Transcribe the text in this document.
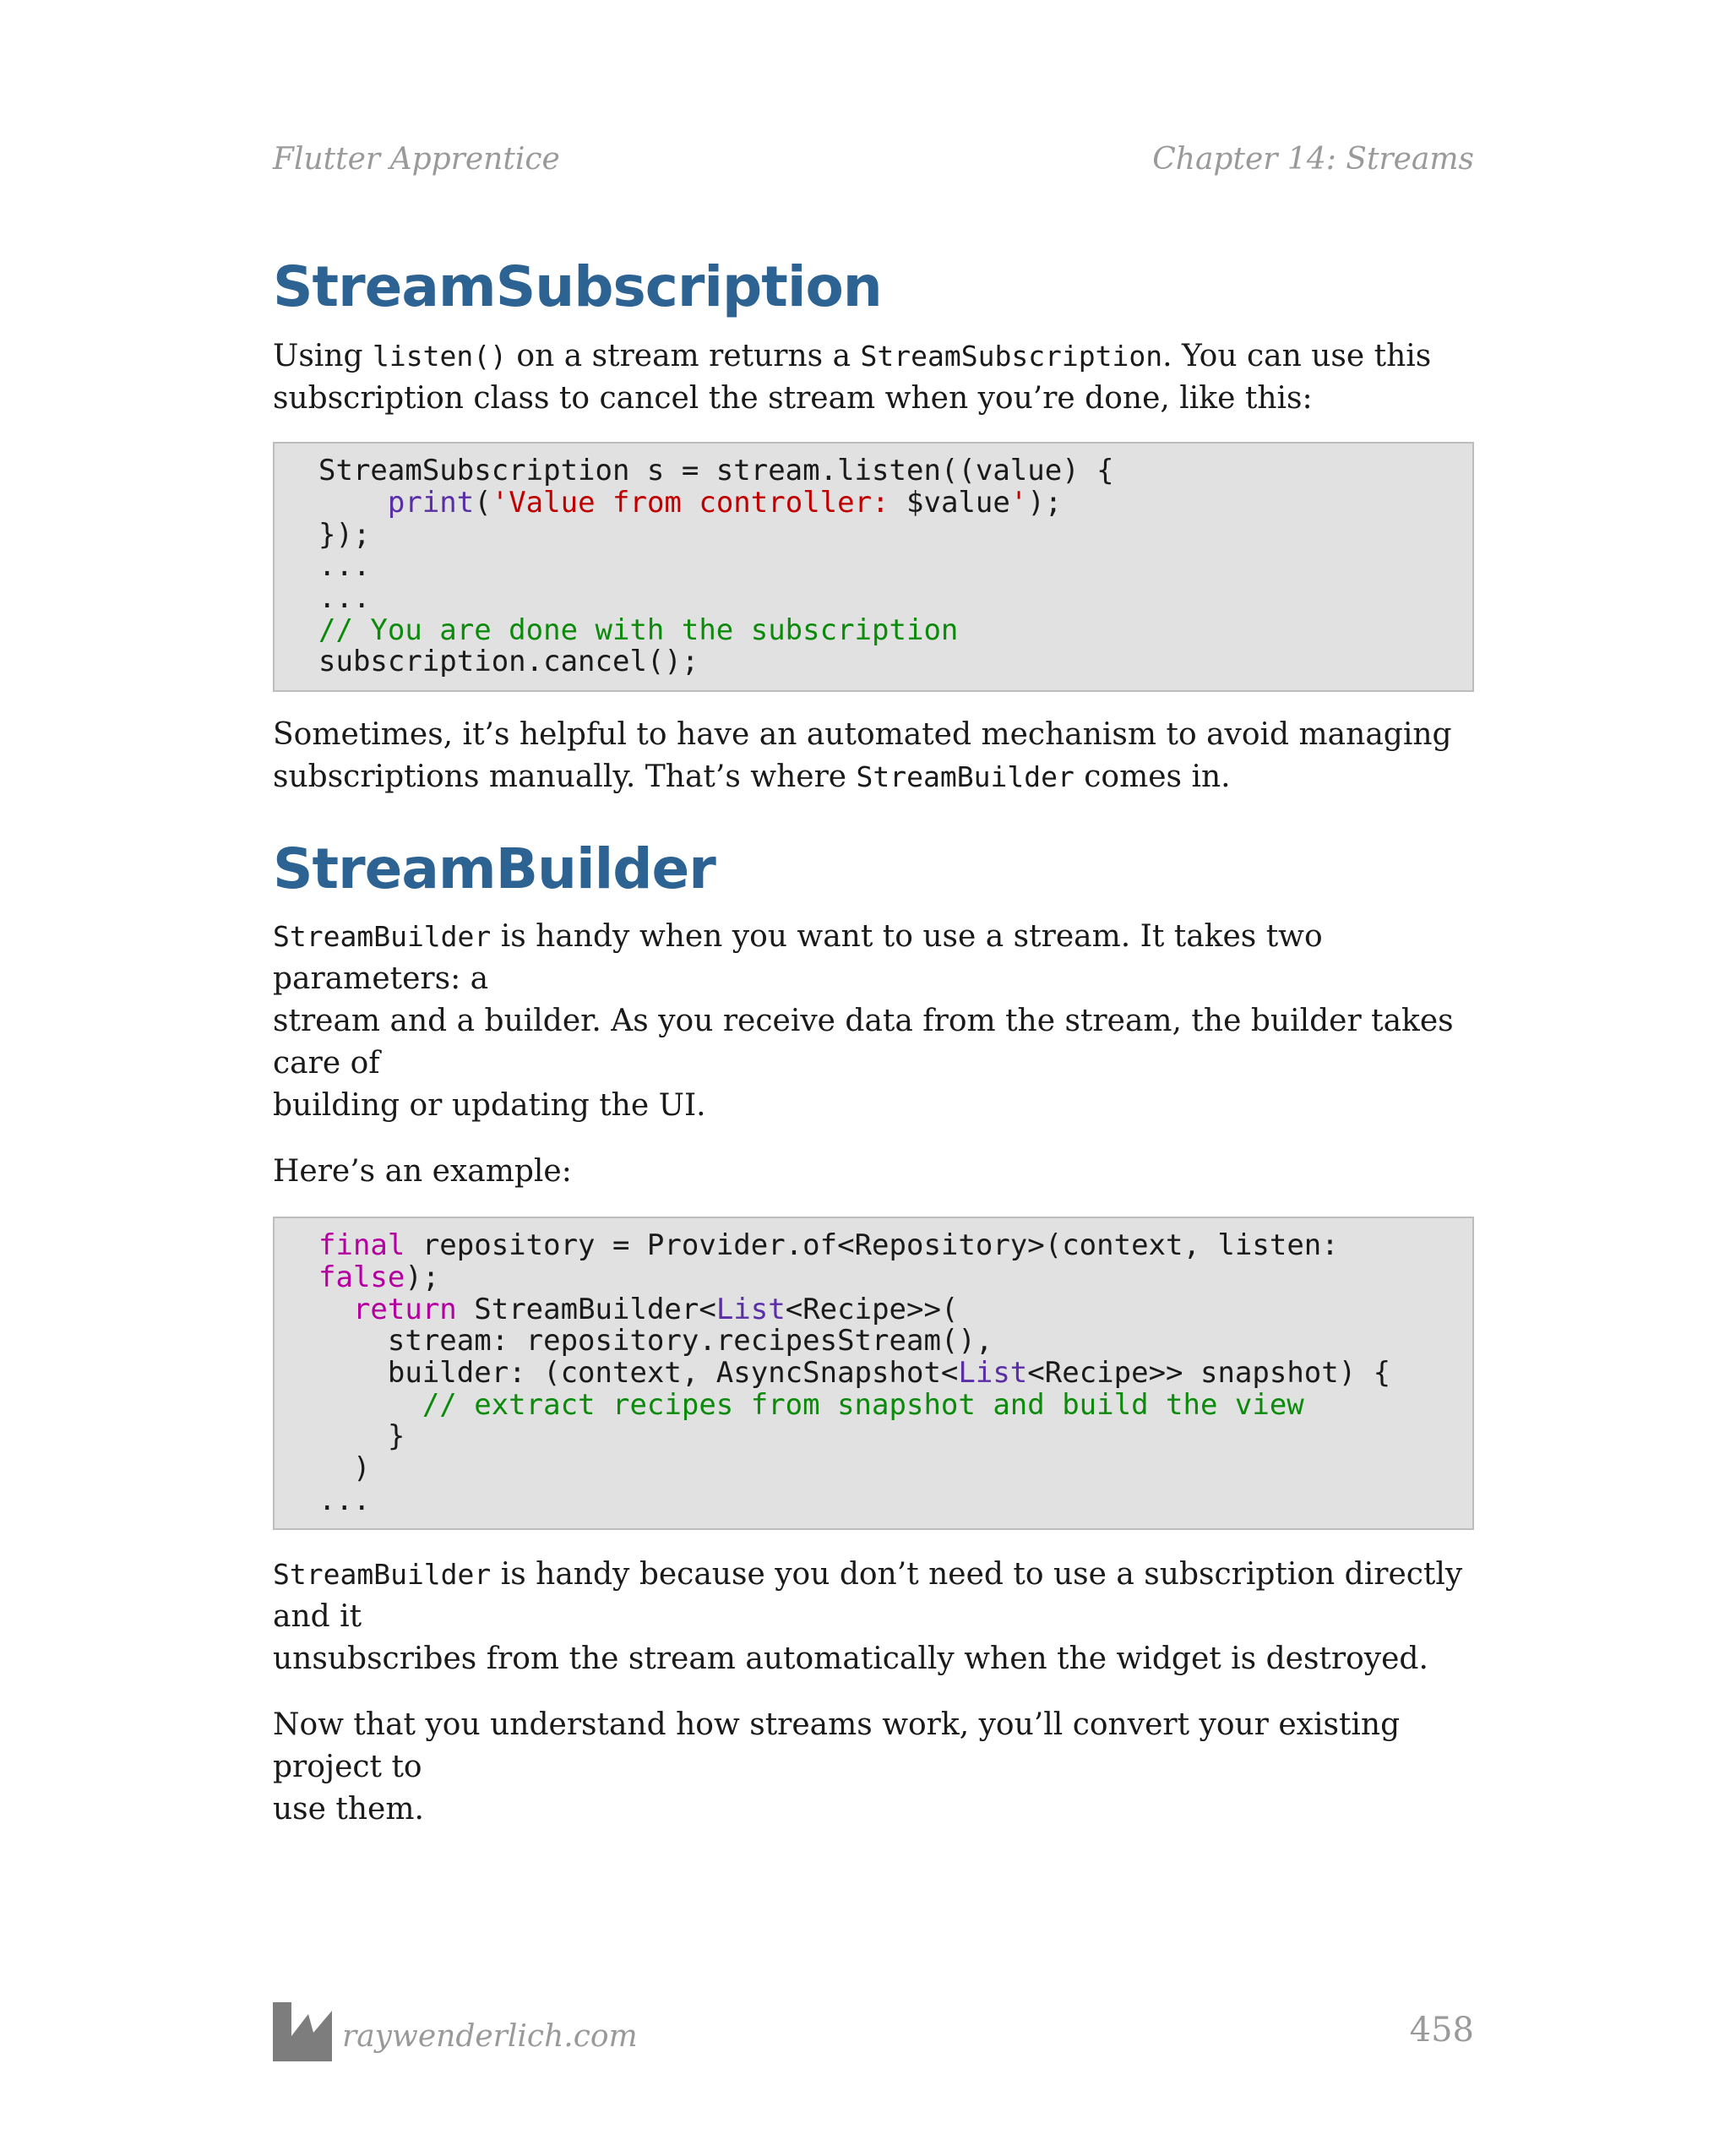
Flutter Apprentice	Chapter 14: Streams
StreamSubscription

Using listen() on a stream returns a StreamSubscription. You can use this
subscription class to cancel the stream when you’re done, like this:

StreamSubscription s = stream.listen((value) {
print('Value from controller: $value');
});
...
...
// You are done with the subscription
subscription.cancel();

Sometimes, it’s helpful to have an automated mechanism to avoid managing
subscriptions manually. That’s where StreamBuilder comes in.

StreamBuilder

StreamBuilder is handy when you want to use a stream. It takes two parameters: a
stream and a builder. As you receive data from the stream, the builder takes care of
building or updating the UI.

Here’s an example:

final repository = Provider.of<Repository>(context, listen:
false);
return StreamBuilder<List<Recipe>>(
stream: repository.recipesStream(),
builder: (context, AsyncSnapshot<List<Recipe>> snapshot) {
// extract recipes from snapshot and build the view
}
)
...

StreamBuilder is handy because you don’t need to use a subscription directly and it
unsubscribes from the stream automatically when the widget is destroyed.

Now that you understand how streams work, you’ll convert your existing project to
use them.

raywenderlich.com	458
